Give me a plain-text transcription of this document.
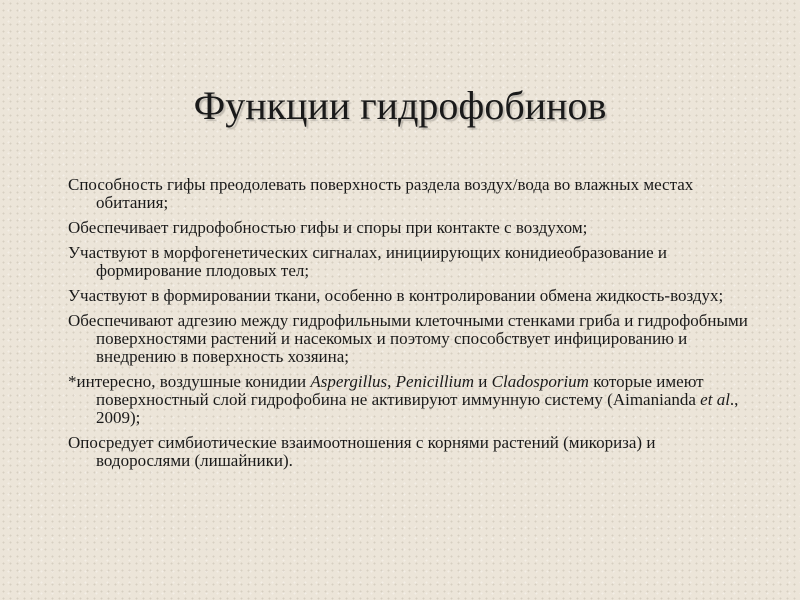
Функции гидрофобинов
Способность гифы преодолевать поверхность раздела воздух/вода во влажных местах обитания;
Обеспечивает гидрофобностью гифы и споры при контакте с воздухом;
Участвуют в морфогенетических сигналах, инициирующих конидиеобразование и формирование плодовых тел;
Участвуют в формировании ткани, особенно в контролировании обмена жидкость-воздух;
Обеспечивают адгезию между гидрофильными клеточными стенками гриба и гидрофобными поверхностями растений и насекомых и поэтому способствует инфицированию и внедрению в поверхность хозяина;
*интересно, воздушные конидии Aspergillus, Penicillium и Cladosporium которые имеют поверхностный слой гидрофобина не активируют иммунную систему (Aimanianda et al., 2009);
Опосредует симбиотические взаимоотношения с корнями растений (микориза) и водорослями (лишайники).
